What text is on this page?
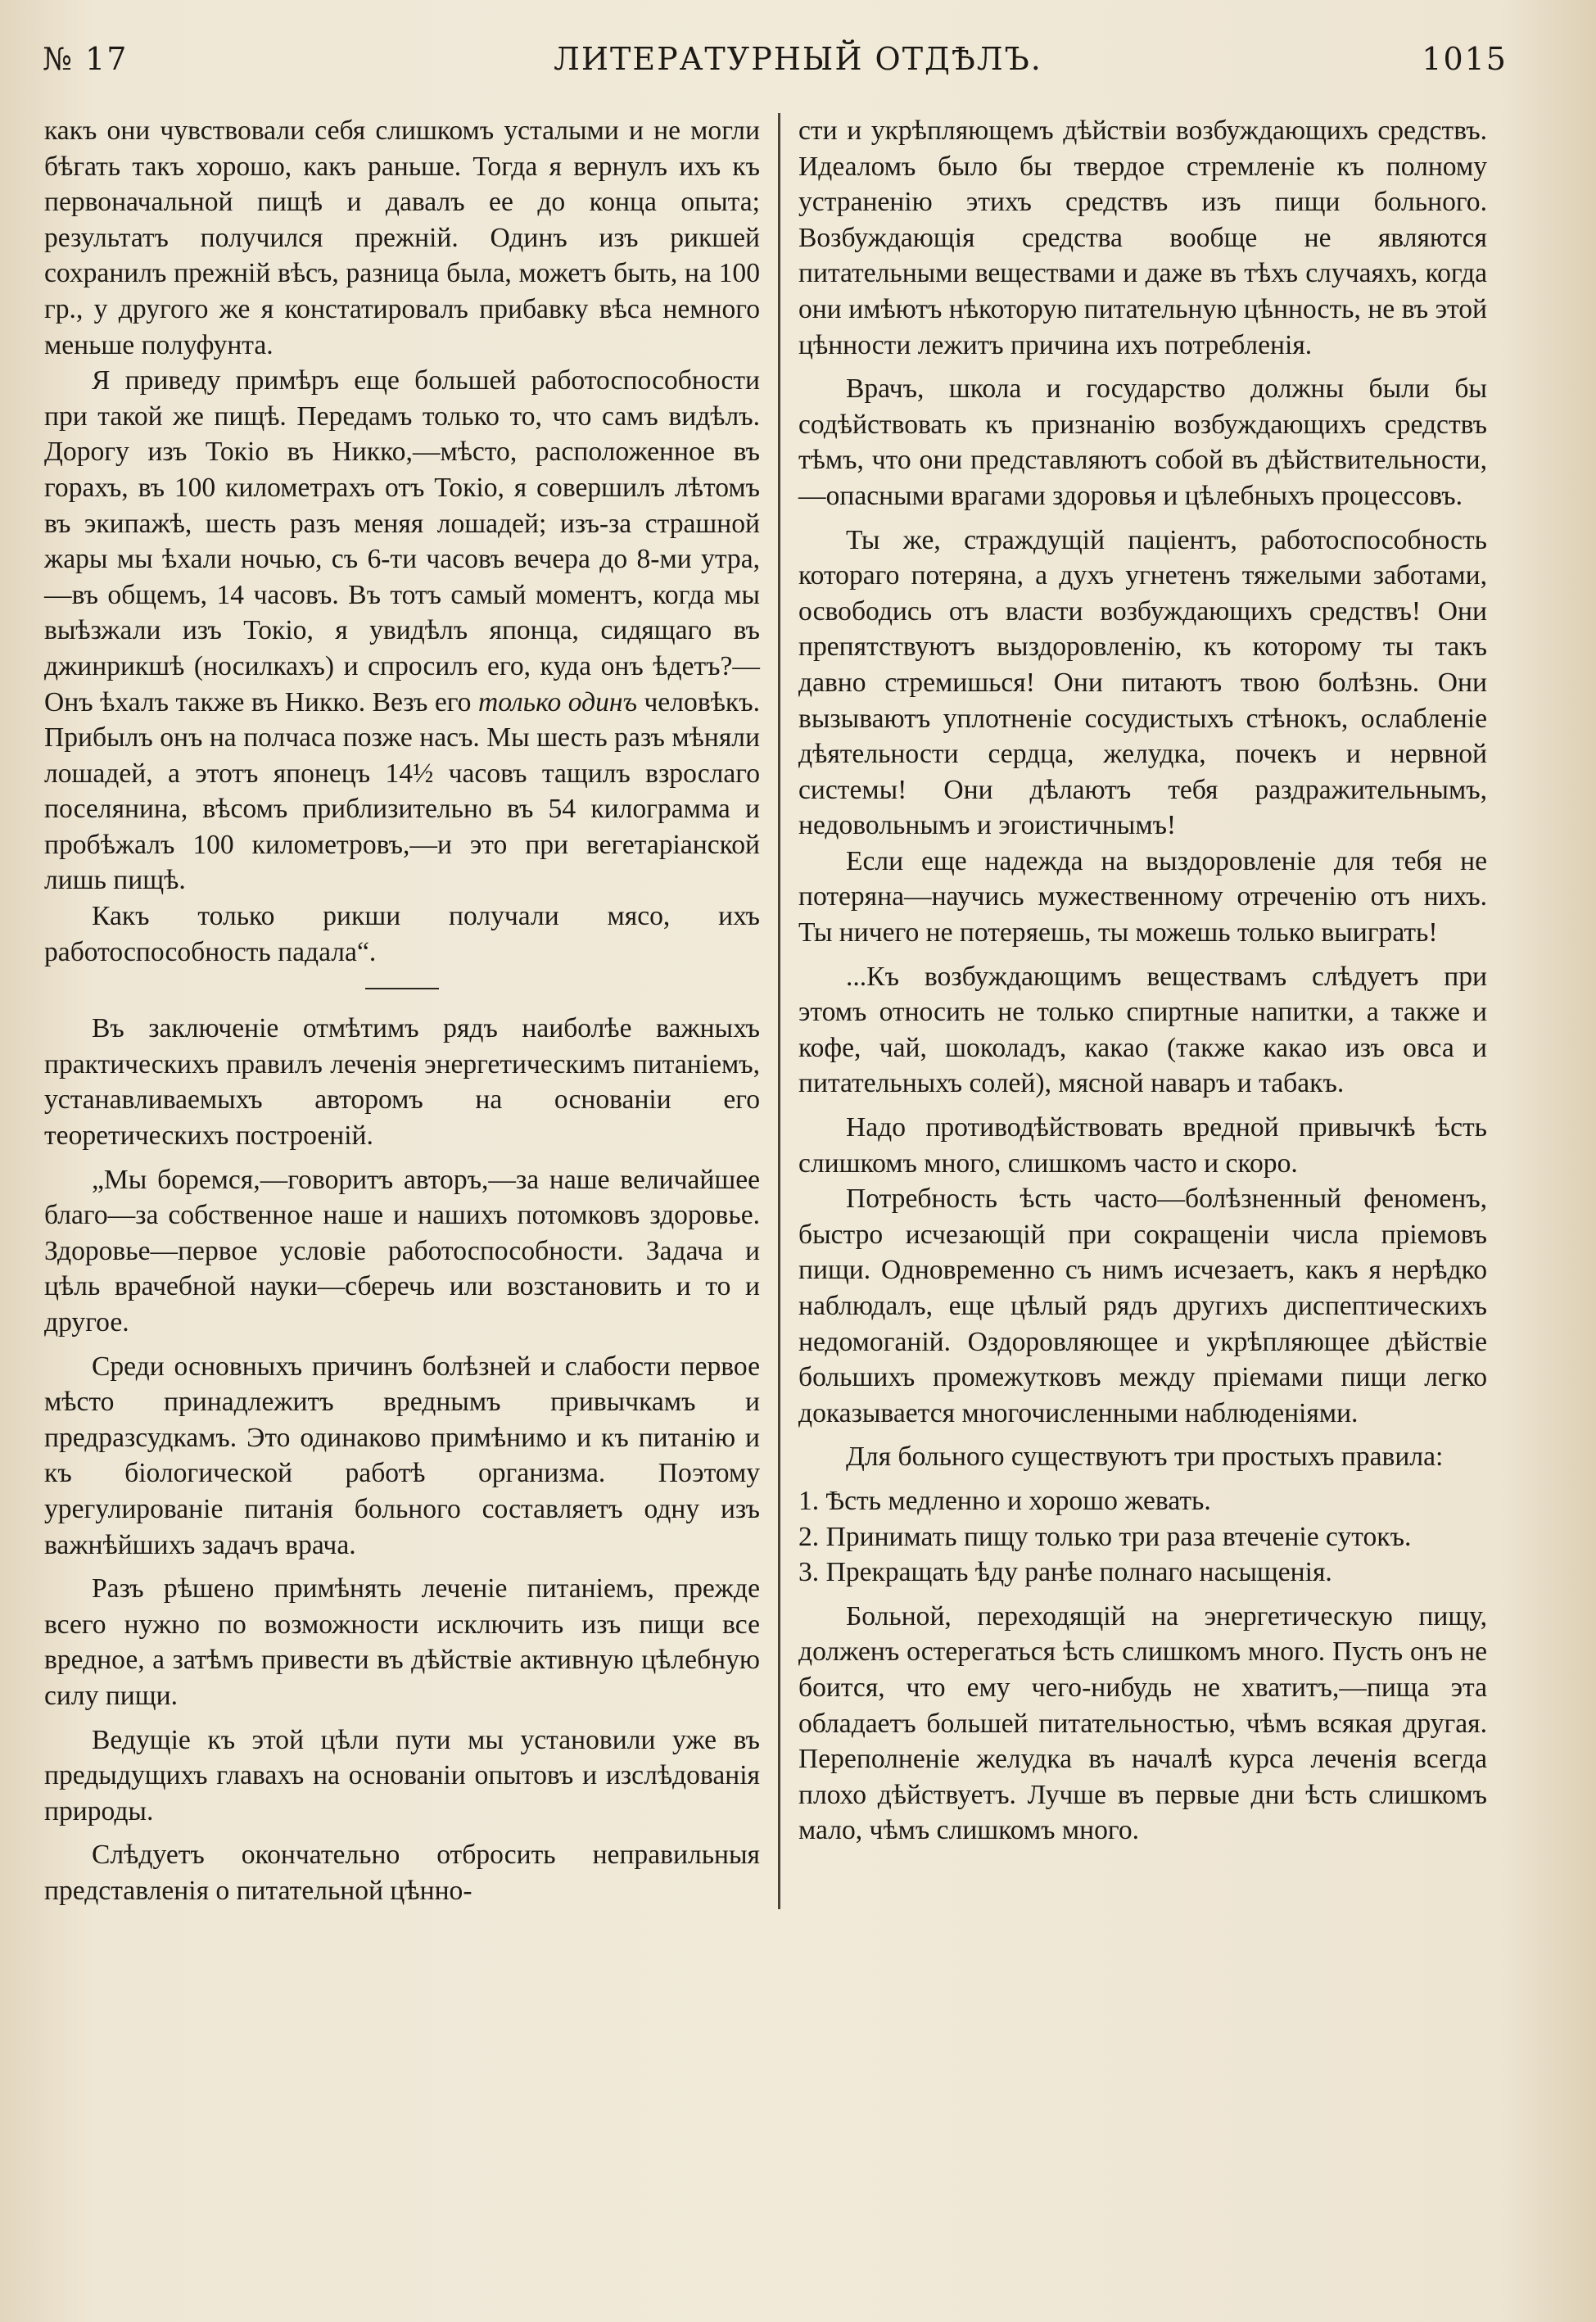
№ 17	ЛИТЕРАТУРНЫЙ ОТДѢЛЪ.	1015

какъ они чувствовали себя слишкомъ усталыми и не могли бѣгать такъ хорошо, какъ раньше. Тогда я вернулъ ихъ къ первоначальной пищѣ и давалъ ее до конца опыта; результатъ получился прежній. Одинъ изъ рикшей сохранилъ прежній вѣсъ, разница была, можетъ быть, на 100 гр., у другого же я констатировалъ прибавку вѣса немного меньше полуфунта.

Я приведу примѣръ еще большей работоспособности при такой же пищѣ. Передамъ только то, что самъ видѣлъ. Дорогу изъ Токіо въ Никко,—мѣсто, расположенное въ горахъ, въ 100 километрахъ отъ Токіо, я совершилъ лѣтомъ въ экипажѣ, шесть разъ меняя лошадей; изъ-за страшной жары мы ѣхали ночью, съ 6-ти часовъ вечера до 8-ми утра,—въ общемъ, 14 часовъ. Въ тотъ самый моментъ, когда мы выѣзжали изъ Токіо, я увидѣлъ японца, сидящаго въ джинрикшѣ (носилкахъ) и спросилъ его, куда онъ ѣдетъ?— Онъ ѣхалъ также въ Никко. Везъ его только одинъ человѣкъ. Прибылъ онъ на полчаса позже насъ. Мы шесть разъ мѣняли лошадей, а этотъ японецъ 14½ часовъ тащилъ взрослаго поселянина, вѣсомъ приблизительно въ 54 килограмма и пробѣжалъ 100 километровъ,—и это при вегетаріанской лишь пищѣ.

Какъ только рикши получали мясо, ихъ работоспособность падала“.

Въ заключеніе отмѣтимъ рядъ наиболѣе важныхъ практическихъ правилъ леченія энергетическимъ питаніемъ, устанавливаемыхъ авторомъ на основаніи его теоретическихъ построеній.

„Мы боремся,—говоритъ авторъ,—за наше величайшее благо—за собственное наше и нашихъ потомковъ здоровье. Здоровье—первое условіе работоспособности. Задача и цѣль врачебной науки—сберечь или возстановить и то и другое.

Среди основныхъ причинъ болѣзней и слабости первое мѣсто принадлежитъ вреднымъ привычкамъ и предразсудкамъ. Это одинаково примѣнимо и къ питанію и къ біологической работѣ организма. Поэтому урегулированіе питанія больного составляетъ одну изъ важнѣйшихъ задачъ врача.

Разъ рѣшено примѣнять леченіе питаніемъ, прежде всего нужно по возможности исключить изъ пищи все вредное, а затѣмъ привести въ дѣйствіе активную цѣлебную силу пищи.

Ведущіе къ этой цѣли пути мы установили уже въ предыдущихъ главахъ на основаніи опытовъ и изслѣдованія природы.

Слѣдуетъ окончательно отбросить неправильныя представленія о питательной цѣнно-

сти и укрѣпляющемъ дѣйствіи возбуждающихъ средствъ. Идеаломъ было бы твердое стремленіе къ полному устраненію этихъ средствъ изъ пищи больного. Возбуждающія средства вообще не являются питательными веществами и даже въ тѣхъ случаяхъ, когда они имѣютъ нѣкоторую питательную цѣнность, не въ этой цѣнности лежитъ причина ихъ потребленія.

Врачъ, школа и государство должны были бы содѣйствовать къ признанію возбуждающихъ средствъ тѣмъ, что они представляютъ собой въ дѣйствительности,—опасными врагами здоровья и цѣлебныхъ процессовъ.

Ты же, страждущій паціентъ, работоспособность котораго потеряна, а духъ угнетенъ тяжелыми заботами, освободись отъ власти возбуждающихъ средствъ! Они препятствуютъ выздоровленію, къ которому ты такъ давно стремишься! Они питаютъ твою болѣзнь. Они вызываютъ уплотненіе сосудистыхъ стѣнокъ, ослабленіе дѣятельности сердца, желудка, почекъ и нервной системы! Они дѣлаютъ тебя раздражительнымъ, недовольнымъ и эгоистичнымъ!

Если еще надежда на выздоровленіе для тебя не потеряна—научись мужественному отреченію отъ нихъ. Ты ничего не потеряешь, ты можешь только выиграть!

...Къ возбуждающимъ веществамъ слѣдуетъ при этомъ относить не только спиртные напитки, а также и кофе, чай, шоколадъ, какао (также какао изъ овса и питательныхъ солей), мясной наваръ и табакъ.

Надо противодѣйствовать вредной привычкѣ ѣсть слишкомъ много, слишкомъ часто и скоро.

Потребность ѣсть часто—болѣзненный феноменъ, быстро исчезающій при сокращеніи числа пріемовъ пищи. Одновременно съ нимъ исчезаетъ, какъ я нерѣдко наблюдалъ, еще цѣлый рядъ другихъ диспептическихъ недомоганій. Оздоровляющее и укрѣпляющее дѣйствіе большихъ промежутковъ между пріемами пищи легко доказывается многочисленными наблюденіями.

Для больного существуютъ три простыхъ правила:

1. Ѣсть медленно и хорошо жевать.

2. Принимать пищу только три раза втеченіе сутокъ.

3. Прекращать ѣду ранѣе полнаго насыщенія.

Больной, переходящій на энергетическую пищу, долженъ остерегаться ѣсть слишкомъ много. Пусть онъ не боится, что ему чего-нибудь не хватитъ,—пища эта обладаетъ большей питательностью, чѣмъ всякая другая. Переполненіе желудка въ началѣ курса леченія всегда плохо дѣйствуетъ. Лучше въ первые дни ѣсть слишкомъ мало, чѣмъ слишкомъ много.
